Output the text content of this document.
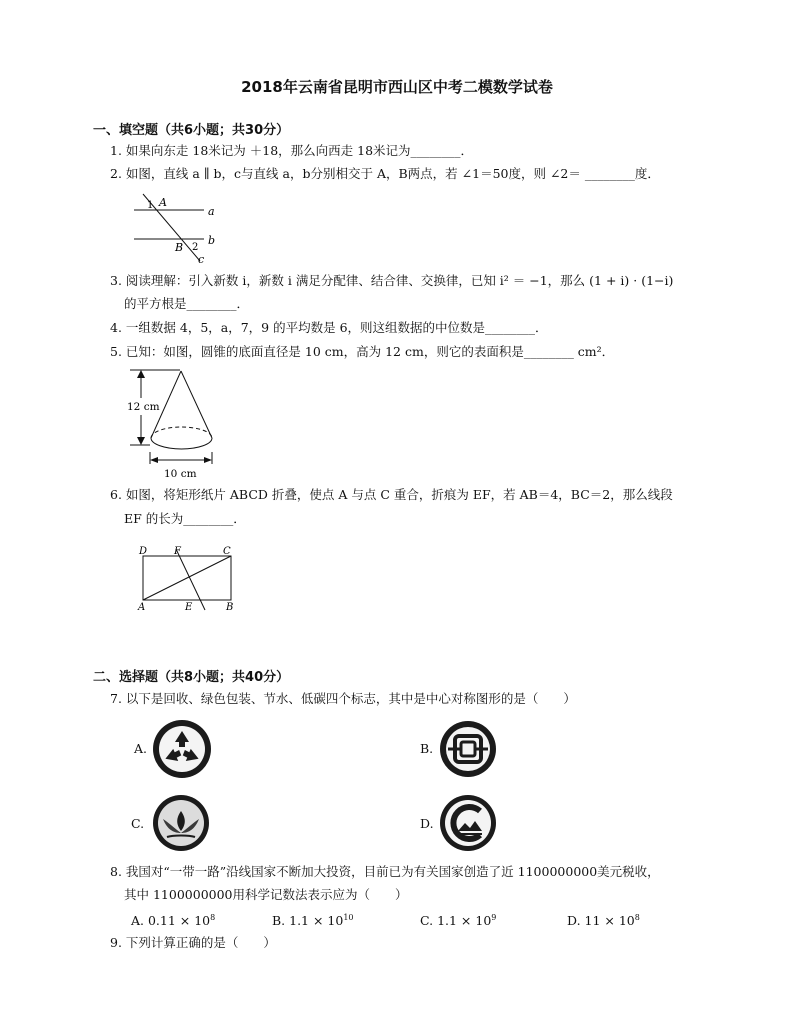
2018年云南省昆明市西山区中考二模数学试卷
一、填空题（共6小题；共30分）
1. 如果向东走 18米记为 ＋18，那么向西走 18米记为________．
2. 如图，直线 a ∥ b，c与直线 a，b分别相交于 A，B两点，若 ∠1＝50度，则 ∠2＝ ________度．
a
b
c
A
B
1
2
3. 阅读理解：引入新数 i，新数 i 满足分配律、结合律、交换律，已知 i² ＝ −1，那么 (1 + i) · (1−i)
的平方根是________．
4. 一组数据 4，5，a，7，9 的平均数是 6，则这组数据的中位数是________．
5. 已知：如图，圆锥的底面直径是 10 cm，高为 12 cm，则它的表面积是________ cm²．
12 cm
10 cm
6. 如图，将矩形纸片 ABCD 折叠，使点 A 与点 C 重合，折痕为 EF，若 AB＝4，BC＝2，那么线段
EF 的长为________．
D	F	C
A	E	B
二、选择题（共8小题；共40分）
7. 以下是回收、绿色包装、节水、低碳四个标志，其中是中心对称图形的是（　　）
A.	B.
C.	D.
8. 我国对“一带一路”沿线国家不断加大投资，目前已为有关国家创造了近 1100000000美元税收，
其中 1100000000用科学记数法表示应为（　　）
A. $0.11 \times 10^8$	B. $1.1 \times 10^{10}$	C. $1.1 \times 10^9$	D. $11 \times 10^8$
9. 下列计算正确的是（　　）
